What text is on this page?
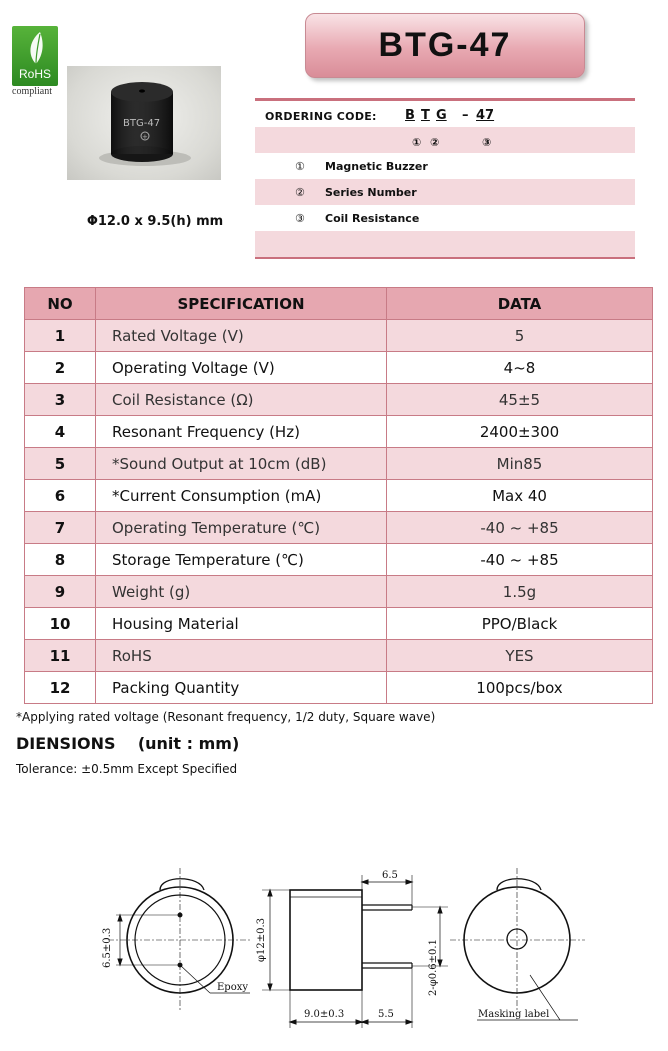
RoHS
compliant
BTG-47
+
Φ12.0 x 9.5(h) mm
BTG-47
ORDERING CODE: B T G – 47
① ②	③
① Magnetic Buzzer
② Series Number
③ Coil Resistance
NO	SPECIFICATION	DATA
1	Rated Voltage (V)	5
2	Operating Voltage (V)	4~8
3	Coil Resistance (Ω)	45±5
4	Resonant Frequency (Hz)	2400±300
5	*Sound Output at 10cm (dB)	Min85
6	*Current Consumption (mA)	Max 40
7	Operating Temperature (℃)	-40 ~ +85
8	Storage Temperature (℃)	-40 ~ +85
9	Weight (g)	1.5g
10	Housing Material	PPO/Black
11	RoHS	YES
12	Packing Quantity	100pcs/box
*Applying rated voltage (Resonant frequency, 1/2 duty, Square wave)
DIENSIONS    (unit : mm)
Tolerance: ±0.5mm Except Specified
6.5±0.3
Epoxy
φ12±0.3
6.5
2-φ0.6±0.1
9.0±0.3	5.5	Masking label
